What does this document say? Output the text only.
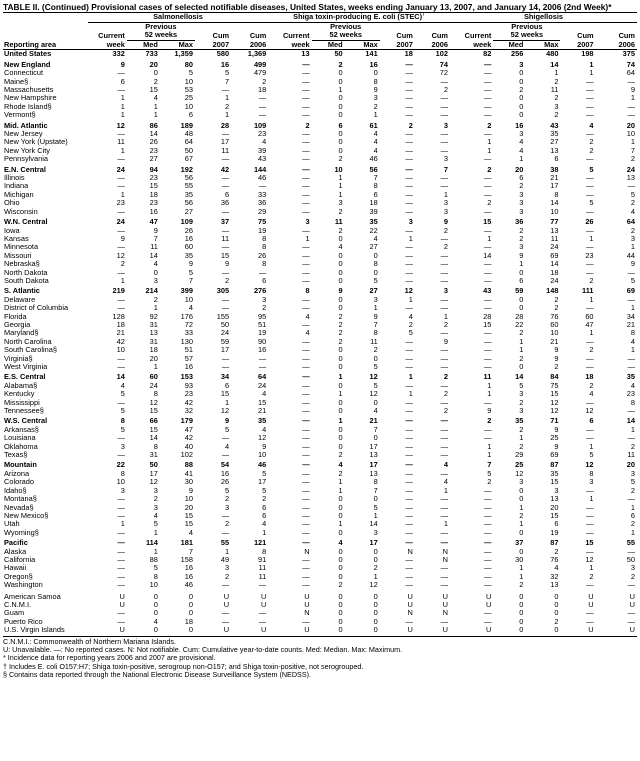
TABLE II. (Continued) Provisional cases of selected notifiable diseases, United States, weeks ending January 13, 2007, and January 14, 2006 (2nd Week)*
	Salmonellosis					Shiga toxin-producing E. coli (STEC)†					Shigellosis				
		Previous					Previous					Previous			
	Current	52 weeks		Cum	Cum	Current	52 weeks		Cum	Cum	Current	52 weeks		Cum	Cum
Reporting area	week	Med	Max	2007	2006	week	Med	Max	2007	2006	week	Med	Max	2007	2006
United States	332	733	1,359	580	1,369	13	50	141	18	102	82	256	480	198	375

New England	9	20	80	16	499	—	2	16	—	74	—	3	14	1	74
Connecticut	—	0	5	5	479	—	0	0	—	72	—	0	1	1	64
Maine§	6	2	10	7	2	—	0	8	—	—	—	0	2	—	—
Massachusetts	—	15	53	—	18	—	1	9	—	2	—	2	11	—	9
New Hampshire	1	4	25	1	—	—	0	3	—	—	—	0	2	—	1
Rhode Island§	1	1	10	2	—	—	0	2	—	—	—	0	3	—	—
Vermont§	1	1	6	1	—	—	0	1	—	—	—	0	2	—	—

Mid. Atlantic	12	86	189	28	109	2	6	61	2	3	2	16	43	4	20
New Jersey	—	14	48	—	23	—	0	4	—	—	—	3	35	—	10
New York (Upstate)	11	26	64	17	4	—	0	4	—	—	1	4	27	2	1
New York City	1	23	50	11	39	—	0	4	—	—	1	4	13	2	7
Pennsylvania	—	27	67	—	43	—	2	46	—	3	—	1	6	—	2

E.N. Central	24	94	192	42	144	—	10	56	—	7	2	20	38	5	24
Illinois	—	23	56	—	46	—	1	7	—	—	—	6	21	—	13
Indiana	—	15	55	—	—	—	1	8	—	—	—	2	17	—	—
Michigan	1	18	35	6	33	—	1	6	—	1	—	3	8	—	5
Ohio	23	23	56	36	36	—	3	18	—	3	2	3	14	5	2
Wisconsin	—	16	27	—	29	—	2	39	—	3	—	3	10	—	4

W.N. Central	24	47	109	37	75	3	11	35	3	9	15	36	77	26	64
Iowa	—	9	26	—	19	—	2	22	—	2	—	2	13	—	2
Kansas	9	7	16	11	8	1	0	4	1	—	1	2	11	1	3
Minnesota	—	11	60	—	8	—	4	27	—	2	—	3	24	—	1
Missouri	12	14	35	15	26	—	0	0	—	—	14	9	69	23	44
Nebraska§	2	4	9	9	8	—	0	8	—	—	—	1	14	—	9
North Dakota	—	0	5	—	—	—	0	0	—	—	—	0	18	—	—
South Dakota	1	3	7	2	6	—	0	5	—	—	—	6	24	2	5

S. Atlantic	219	214	399	305	276	8	9	27	12	3	43	59	148	111	69
Delaware	—	2	10	—	3	—	0	3	1	—	—	0	2	1	—
District of Columbia	—	1	4	—	2	—	0	1	—	—	—	0	2	—	1
Florida	128	92	176	155	95	4	2	9	4	1	28	28	76	60	34
Georgia	18	31	72	50	51	—	2	7	2	2	15	22	60	47	21
Maryland§	21	13	33	24	19	4	2	8	5	—	—	2	10	1	8
North Carolina	42	31	130	59	90	—	2	11	—	9	—	1	21	—	4
South Carolina§	10	18	51	17	16	—	0	2	—	—	—	1	9	2	1
Virginia§	—	20	57	—	—	—	0	0	—	—	—	2	9	—	—
West Virginia	—	1	16	—	—	—	0	5	—	—	—	0	2	—	—

E.S. Central	14	60	153	34	64	—	1	12	1	2	11	14	84	18	35
Alabama§	4	24	93	6	24	—	0	5	—	—	1	5	75	2	4
Kentucky	5	8	23	15	4	—	1	12	1	2	1	3	15	4	23
Mississippi	—	12	42	1	15	—	0	0	—	—	—	2	12	—	8
Tennessee§	5	15	32	12	21	—	0	4	—	2	9	3	12	12	—

W.S. Central	8	66	179	9	35	—	1	21	—	—	2	35	71	6	14
Arkansas§	5	15	47	5	4	—	0	7	—	—	—	2	9	—	1
Louisiana	—	14	42	—	12	—	0	0	—	—	—	1	25	—	—
Oklahoma	3	8	40	4	9	—	0	17	—	—	1	2	9	1	2
Texas§	—	31	102	—	10	—	2	13	—	—	1	29	69	5	11

Mountain	22	50	88	54	46	—	4	17	—	4	7	25	87	12	20
Arizona	8	17	41	16	5	—	2	13	—	—	5	12	35	8	3
Colorado	10	12	30	26	17	—	1	8	—	4	2	3	15	3	5
Idaho§	3	3	9	5	5	—	1	7	—	1	—	0	3	—	2
Montana§	—	2	10	2	2	—	0	0	—	—	—	0	13	1	—
Nevada§	—	3	20	3	6	—	0	5	—	—	—	1	20	—	1
New Mexico§	—	4	15	—	6	—	0	1	—	—	—	2	15	—	6
Utah	1	5	15	2	4	—	1	14	—	1	—	1	6	—	2
Wyoming§	—	1	4	—	1	—	0	3	—	—	—	0	19	—	1

Pacific	—	114	181	55	121	—	4	17	—	—	—	37	87	15	55
Alaska	—	1	7	1	8	N	0	0	N	N	—	0	2	—	—
California	—	88	158	49	91	—	0	0	—	N	—	30	76	12	50
Hawaii	—	5	16	3	11	—	0	2	—	—	—	1	4	1	3
Oregon§	—	8	16	2	11	—	0	1	—	—	—	1	32	2	2
Washington	—	10	46	—	—	—	2	12	—	—	—	2	13	—	—

American Samoa	U	0	0	U	U	U	0	0	U	U	U	0	0	U	U
C.N.M.I.	U	0	0	U	U	U	0	0	U	U	U	0	0	U	U
Guam	—	0	0	—	—	N	0	0	N	N	—	0	0	—	—
Puerto Rico	—	4	18	—	—	—	0	0	—	—	—	0	2	—	—
U.S. Virgin Islands	U	0	0	U	U	U	0	0	U	U	U	0	0	U	U
C.N.M.I.: Commonwealth of Northern Mariana Islands.
U: Unavailable. —: No reported cases. N: Not notifiable. Cum: Cumulative year-to-date counts. Med: Median. Max: Maximum.
* Incidence data for reporting years 2006 and 2007 are provisional.
† Includes E. coli O157:H7; Shiga toxin-positive, serogroup non-O157; and Shiga toxin-positive, not serogrouped.
§ Contains data reported through the National Electronic Disease Surveillance System (NEDSS).
